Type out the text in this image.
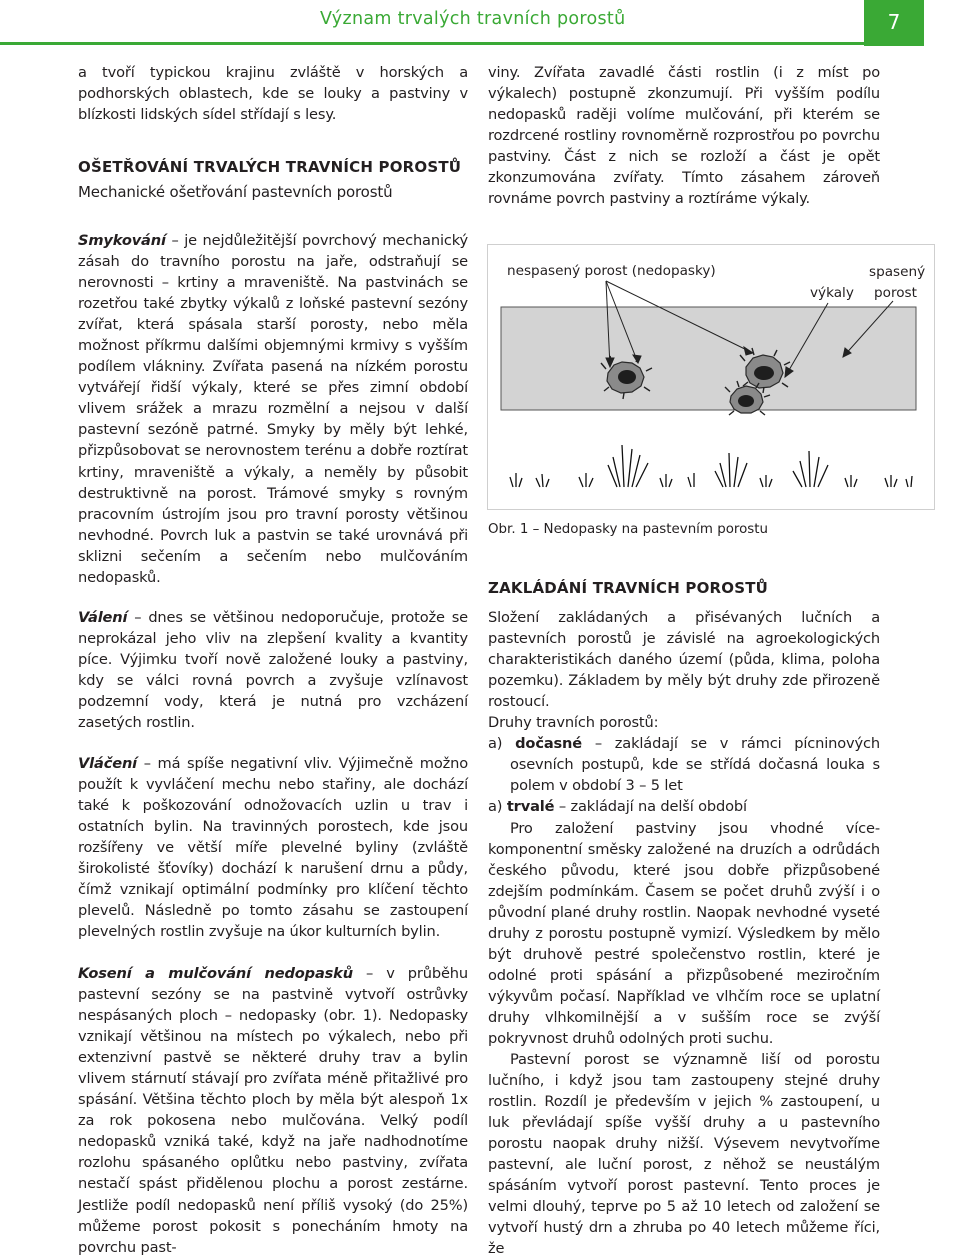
Význam trvalých travních porostů	7
a tvoří typickou krajinu zvláště v horských a podhorských oblastech, kde se louky a pastviny v blízkosti lidských sídel střídají s lesy.
OŠETŘOVÁNÍ TRVALÝCH TRAVNÍCH POROSTŮ
Mechanické ošetřování pastevních porostů
Smykování – je nejdůležitější povrchový mechanický zásah do travního porostu na jaře, odstraňují se nerovnosti – krtiny a mraveniště. Na pastvinách se rozetřou také zbytky výkalů z loňské pastevní sezóny zvířat, která spásala starší porosty, nebo měla možnost příkrmu dalšími objemnými krmivy s vyšším podílem vlákniny. Zvířata pasená na nízkém porostu vytvářejí řidší výkaly, které se přes zimní období vlivem srážek a mrazu rozmělní a nejsou v další pastevní sezóně patrné. Smyky by měly být lehké, přizpůsobovat se nerovnostem terénu a dobře roztírat krtiny, mraveniště a výkaly, a neměly by působit destruktivně na porost. Trámové smyky s rovným pracovním ústrojím jsou pro travní porosty většinou nevhodné. Povrch luk a pastvin se také urovnává při sklizni sečením a sečením nebo mulčováním nedopasků.
Válení – dnes se většinou nedoporučuje, protože se neprokázal jeho vliv na zlepšení kvality a kvantity píce. Výjimku tvoří nově založené louky a pastviny, kdy se válci rovná povrch a zvyšuje vzlínavost podzemní vody, která je nutná pro vzcházení zasetých rostlin.
Vláčení – má spíše negativní vliv. Výjimečně možno použít k vyvláčení mechu nebo stařiny, ale dochází také k poškozování odnožovacích uzlin u trav i ostatních bylin. Na travinných porostech, kde jsou rozšířeny ve větší míře plevelné byliny (zvláště širokolisté šťovíky) dochází k narušení drnu a půdy, čímž vznikají optimální podmínky pro klíčení těchto plevelů. Následně po tomto zásahu se zastoupení plevelných rostlin zvyšuje na úkor kulturních bylin.
Kosení a mulčování nedopasků – v průběhu pastevní sezóny se na pastvině vytvoří ostrůvky nespásaných ploch – nedopasky (obr. 1). Nedopasky vznikají většinou na místech po výkalech, nebo při extenzivní pastvě se některé druhy trav a bylin vlivem stárnutí stávají pro zvířata méně přitažlivé pro spásání. Většina těchto ploch by měla být alespoň 1x za rok pokosena nebo mulčována. Velký podíl nedopasků vzniká také, když na jaře nadhodnotíme rozlohu spásaného oplůtku nebo pastviny, zvířata nestačí spást přidělenou plochu a porost zestárne. Jestliže podíl nedopasků není příliš vysoký (do 25%) můžeme porost pokosit s ponecháním hmoty na povrchu past-
viny. Zvířata zavadlé části rostlin (i z míst po výkalech) postupně zkonzumují. Při vyšším podílu nedopasků raději volíme mulčování, při kterém se rozdrcené rostliny rovnoměrně rozprostřou po povrchu pastviny. Část z nich se rozloží a část je opět zkonzumována zvířaty. Tímto zásahem zároveň rovnáme povrch pastviny a roztíráme výkaly.
nespasený porost (nedopasky)
výkaly
spasený
porost
Obr. 1 – Nedopasky na pastevním porostu
ZAKLÁDÁNÍ TRAVNÍCH POROSTŮ
Složení zakládaných a přisévaných lučních a pastevních porostů je závislé na agroekologických charakteristikách daného území (půda, klima, poloha pozemku). Základem by měly být druhy zde přirozeně rostoucí.
Druhy travních porostů:
a) dočasné – zakládají se v rámci pícninových osevních postupů, kde se střídá dočasná louka s polem v období 3 – 5 let
a) trvalé – zakládají na delší období
Pro založení pastviny jsou vhodné více-komponentní směsky založené na druzích a odrůdách českého původu, které jsou dobře přizpůsobené zdejším podmínkám. Časem se počet druhů zvýší i o původní plané druhy rostlin. Naopak nevhodné vyseté druhy z porostu postupně vymizí. Výsledkem by mělo být druhově pestré společenstvo rostlin, které je odolné proti spásání a přizpůsobené meziročním výkyvům počasí. Například ve vlhčím roce se uplatní druhy vlhkomilnější a v sušším roce se zvýší pokryvnost druhů odolných proti suchu.
Pastevní porost se významně liší od porostu lučního, i když jsou tam zastoupeny stejné druhy rostlin. Rozdíl je především v jejich % zastoupení, u luk převládají spíše vyšší druhy a u pastevního porostu naopak druhy nižší. Výsevem nevytvoříme pastevní, ale luční porost, z něhož se neustálým spásáním vytvoří porost pastevní. Tento proces je velmi dlouhý, teprve po 5 až 10 letech od založení se vytvoří hustý drn a zhruba po 40 letech můžeme říci, že
